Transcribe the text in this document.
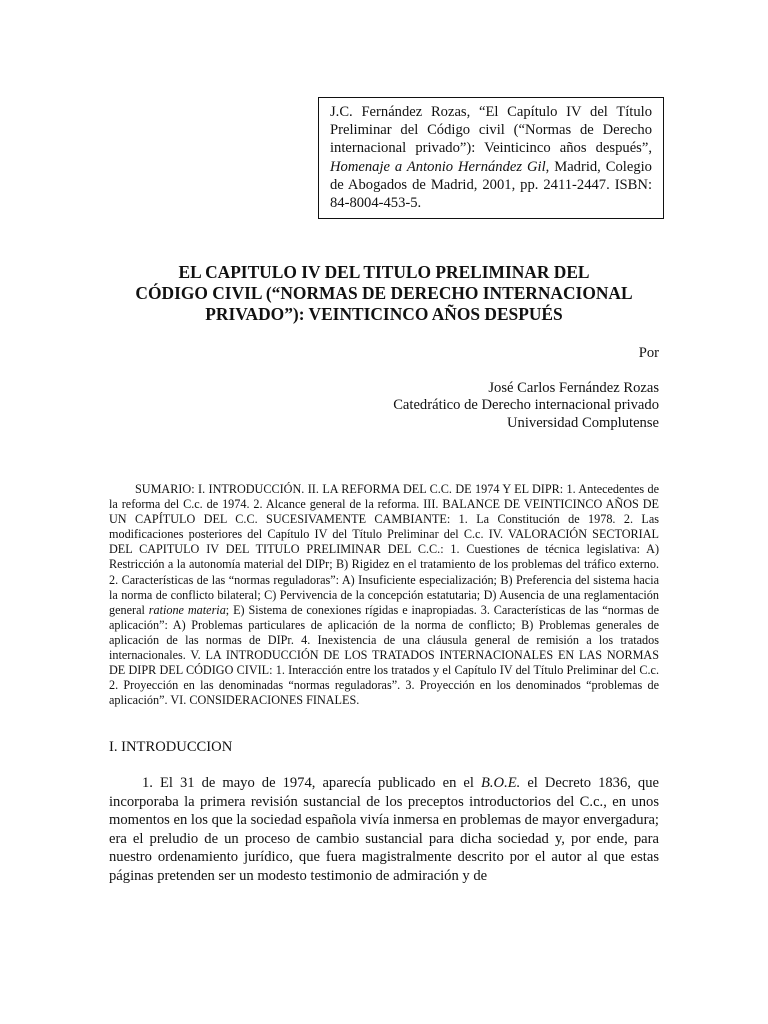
J.C. Fernández Rozas, “El Capítulo IV del Título Preliminar del Código civil (“Normas de Derecho internacional privado”): Veinticinco años después”, Homenaje a Antonio Hernández Gil, Madrid, Colegio de Abogados de Madrid, 2001, pp. 2411-2447. ISBN: 84-8004-453-5.
EL CAPITULO IV DEL TITULO PRELIMINAR DEL
CÓDIGO CIVIL (“NORMAS DE DERECHO INTERNACIONAL
PRIVADO”): VEINTICINCO AÑOS DESPUÉS
Por
José Carlos Fernández Rozas
Catedrático de Derecho internacional privado
Universidad Complutense
SUMARIO: I. INTRODUCCIÓN. II. LA REFORMA DEL C.C. DE 1974 Y EL DIPR: 1. Antecedentes de la reforma del C.c. de 1974. 2. Alcance general de la reforma. III. BALANCE DE VEINTICINCO AÑOS DE UN CAPÍTULO DEL C.C. SUCESIVAMENTE CAMBIANTE: 1. La Constitución de 1978. 2. Las modificaciones posteriores del Capítulo IV del Título Preliminar del C.c. IV. VALORACIÓN SECTORIAL DEL CAPITULO IV DEL TITULO PRELIMINAR DEL C.C.: 1. Cuestiones de técnica legislativa: A) Restricción a la autonomía material del DIPr; B) Rigidez en el tratamiento de los problemas del tráfico externo. 2. Características de las “normas reguladoras”: A) Insuficiente especialización; B) Preferencia del sistema hacia la norma de conflicto bilateral; C) Pervivencia de la concepción estatutaria; D) Ausencia de una reglamentación general ratione materia; E) Sistema de conexiones rígidas e inapropiadas. 3. Características de las “normas de aplicación”: A) Problemas particulares de aplicación de la norma de conflicto; B) Problemas generales de aplicación de las normas de DIPr. 4. Inexistencia de una cláusula general de remisión a los tratados internacionales. V. LA INTRODUCCIÓN DE LOS TRATADOS INTERNACIONALES EN LAS NORMAS DE DIPR DEL CÓDIGO CIVIL: 1. Interacción entre los tratados y el Capítulo IV del Título Preliminar del C.c. 2. Proyección en las denominadas “normas reguladoras”. 3. Proyección en los denominados “problemas de aplicación”. VI. CONSIDERACIONES FINALES.
I. INTRODUCCION
1. El 31 de mayo de 1974, aparecía publicado en el B.O.E. el Decreto 1836, que incorporaba la primera revisión sustancial de los preceptos introductorios del C.c., en unos momentos en los que la sociedad española vivía inmersa en problemas de mayor envergadura; era el preludio de un proceso de cambio sustancial para dicha sociedad y, por ende, para nuestro ordenamiento jurídico, que fuera magistralmente descrito por el autor al que estas páginas pretenden ser un modesto testimonio de admiración y de
